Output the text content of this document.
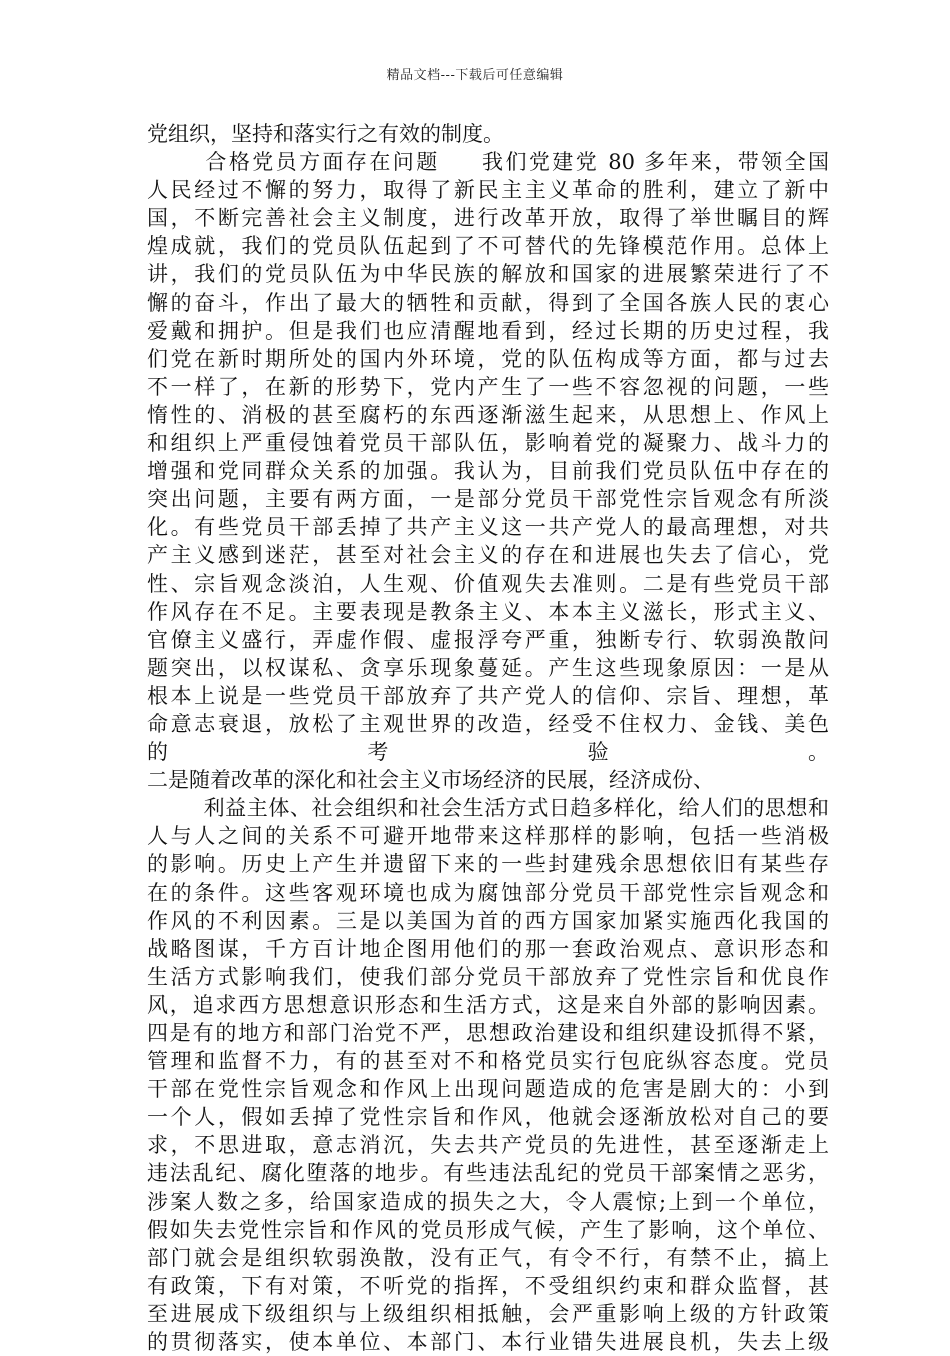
精品文档---下载后可任意编辑
党组织，坚持和落实行之有效的制度。
合格党员方面存在问题 我们党建党 80 多年来，带领全国
人民经过不懈的努力，取得了新民主主义革命的胜利，建立了新中
国，不断完善社会主义制度，进行改革开放，取得了举世瞩目的辉
煌成就，我们的党员队伍起到了不可替代的先锋模范作用。总体上
讲，我们的党员队伍为中华民族的解放和国家的进展繁荣进行了不
懈的奋斗，作出了最大的牺牲和贡献，得到了全国各族人民的衷心
爱戴和拥护。但是我们也应清醒地看到，经过长期的历史过程，我
们党在新时期所处的国内外环境，党的队伍构成等方面，都与过去
不一样了，在新的形势下，党内产生了一些不容忽视的问题，一些
惰性的、消极的甚至腐朽的东西逐渐滋生起来，从思想上、作风上
和组织上严重侵蚀着党员干部队伍，影响着党的凝聚力、战斗力的
增强和党同群众关系的加强。我认为，目前我们党员队伍中存在的
突出问题，主要有两方面，一是部分党员干部党性宗旨观念有所淡
化。有些党员干部丢掉了共产主义这一共产党人的最高理想，对共
产主义感到迷茫，甚至对社会主义的存在和进展也失去了信心，党
性、宗旨观念淡泊，人生观、价值观失去准则。二是有些党员干部
作风存在不足。主要表现是教条主义、本本主义滋长，形式主义、
官僚主义盛行，弄虚作假、虚报浮夸严重，独断专行、软弱涣散问
题突出，以权谋私、贪享乐现象蔓延。产生这些现象原因：一是从
根本上说是一些党员干部放弃了共产党人的信仰、宗旨、理想，革
命意志衰退，放松了主观世界的改造，经受不住权力、金钱、美色
的考验。
二是随着改革的深化和社会主义市场经济的民展，经济成份、
利益主体、社会组织和社会生活方式日趋多样化，给人们的思想和
人与人之间的关系不可避开地带来这样那样的影响，包括一些消极
的影响。历史上产生并遗留下来的一些封建残余思想依旧有某些存
在的条件。这些客观环境也成为腐蚀部分党员干部党性宗旨观念和
作风的不利因素。三是以美国为首的西方国家加紧实施西化我国的
战略图谋，千方百计地企图用他们的那一套政治观点、意识形态和
生活方式影响我们，使我们部分党员干部放弃了党性宗旨和优良作
风，追求西方思想意识形态和生活方式，这是来自外部的影响因素。
四是有的地方和部门治党不严，思想政治建设和组织建设抓得不紧，
管理和监督不力，有的甚至对不和格党员实行包庇纵容态度。党员
干部在党性宗旨观念和作风上出现问题造成的危害是剧大的：小到
一个人，假如丢掉了党性宗旨和作风，他就会逐渐放松对自己的要
求，不思进取，意志消沉，失去共产党员的先进性，甚至逐渐走上
违法乱纪、腐化堕落的地步。有些违法乱纪的党员干部案情之恶劣，
涉案人数之多，给国家造成的损失之大，令人震惊;上到一个单位，
假如失去党性宗旨和作风的党员形成气候，产生了影响，这个单位、
部门就会是组织软弱涣散，没有正气，有令不行，有禁不止，搞上
有政策，下有对策，不听党的指挥，不受组织约束和群众监督，甚
至进展成下级组织与上级组织相抵触，会严重影响上级的方针政策
的贯彻落实，使本单位、本部门、本行业错失进展良机，失去上级
